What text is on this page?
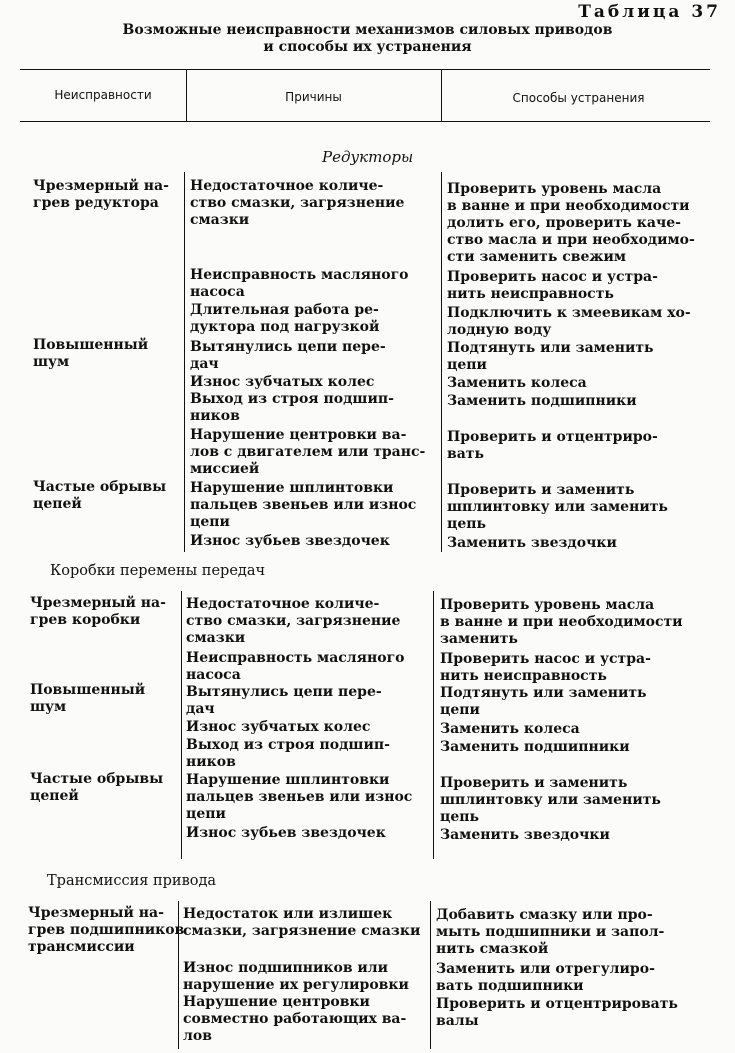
Таблица 37
Возможные неисправности механизмов силовых приводов
и способы их устранения
Неисправности	Причины	Способы устранения
Редукторы
Чрезмерный на-
грев редуктора
Повышенный
шум
Частые обрывы
цепей
Недостаточное количе-
ство смазки, загрязнение
смазки
Неисправность масляного
насоса
Длительная работа ре-
дуктора под нагрузкой
Вытянулись цепи пере-
дач
Износ зубчатых колес
Выход из строя подшип-
ников
Нарушение центровки ва-
лов с двигателем или транс-
миссией
Нарушение шплинтовки
пальцев звеньев или износ
цепи
Износ зубьев звездочек
Проверить уровень масла
в ванне и при необходимости
долить его, проверить каче-
ство масла и при необходимо-
сти заменить свежим
Проверить насос и устра-
нить неисправность
Подключить к змеевикам хо-
лодную воду
Подтянуть или заменить
цепи
Заменить колеса
Заменить подшипники
Проверить и отцентриро-
вать
Проверить и заменить
шплинтовку или заменить
цепь
Заменить звездочки
Коробки перемены передач
Чрезмерный на-
грев коробки
Повышенный
шум
Частые обрывы
цепей
Недостаточное количе-
ство смазки, загрязнение
смазки
Неисправность масляного
насоса
Вытянулись цепи пере-
дач
Износ зубчатых колес
Выход из строя подшип-
ников
Нарушение шплинтовки
пальцев звеньев или износ
цепи
Износ зубьев звездочек
Проверить уровень масла
в ванне и при необходимости
заменить
Проверить насос и устра-
нить неисправность
Подтянуть или заменить
цепи
Заменить колеса
Заменить подшипники
Проверить и заменить
шплинтовку или заменить
цепь
Заменить звездочки
Трансмиссия привода
Чрезмерный на-
грев подшипников
трансмиссии
Недостаток или излишек
смазки, загрязнение смазки
Износ подшипников или
нарушение их регулировки
Нарушение центровки
совместно работающих ва-
лов
Добавить смазку или про-
мыть подшипники и запол-
нить смазкой
Заменить или отрегулиро-
вать подшипники
Проверить и отцентрировать
валы
